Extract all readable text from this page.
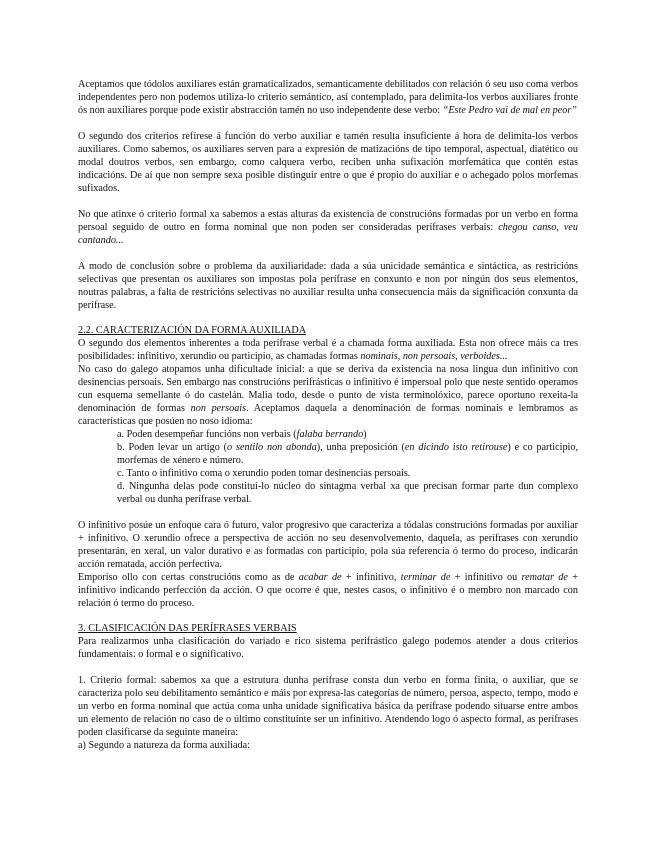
Aceptamos que tódolos auxiliares están gramaticalizados, semanticamente debilitados con relación ó seu uso coma verbos independentes pero non podemos utiliza-lo criterio semántico, así contemplado, para delimita-los verbos auxiliares fronte ós non auxiliares porque pode existir abstracción tamén no uso independente dese verbo: “Este Pedro vai de mal en peor”

O segundo dos criterios refírese á función do verbo auxiliar e tamén resulta insuficiente á hora de delimita-los verbos auxiliares. Como sabemos, os auxiliares serven para a expresión de matizacións de tipo temporal, aspectual, diatético ou modal doutros verbos, sen embargo, como calquera verbo, reciben unha sufixación morfemática que contén estas indicacións. De aí que non sempre sexa posible distinguir entre o que é propio do auxiliar e o achegado polos morfemas sufixados.

No que atinxe ó criterio formal xa sabemos a estas alturas da existencia de construcións formadas por un verbo en forma persoal seguido de outro en forma nominal que non poden ser consideradas perífrases verbais: chegou canso, veu cantando...

A modo de conclusión sobre o problema da auxiliaridade: dada a súa unicidade semántica e sintáctica, as restricións selectivas que presentan os auxiliares son impostas pola perífrase en conxunto e non por ningún dos seus elementos, noutras palabras, a falta de restricións selectivas no auxiliar resulta unha consecuencia máis da significación conxunta da perífrase.

2.2. CARACTERIZACIÓN DA FORMA AUXILIADA

O segundo dos elementos inherentes a toda perífrase verbal é a chamada forma auxiliada. Esta non ofrece máis ca tres posibilidades: infinitivo, xerundio ou participio, as chamadas formas nominais, non persoais, verboides...

No caso do galego atopamos unha dificultade inicial: a que se deriva da existencia na nosa lingua dun infinitivo con desinencias persoais. Sen embargo nas construcións perifrásticas o infinitivo é impersoal polo que neste sentido operamos cun esquema semellante ó do castelán. Malia todo, desde o punto de vista terminolóxico, parece oportuno rexeita-la denominación de formas non persoais. Aceptamos daquela a denominación de formas nominais e lembramos as características que posúen no noso idioma:

a. Poden desempeñar funcións non verbais (falaba berrando)

b. Poden levar un artigo (o sentilo non abonda), unha preposición (en dicindo isto retirouse) e co participio, morfemas de xénero e número.

c. Tanto o infinitivo coma o xerundio poden tomar desinencias persoais.

d. Ningunha delas pode constituí-lo núcleo do sintagma verbal xa que precisan formar parte dun complexo verbal ou dunha perífrase verbal.

O infinitivo posúe un enfoque cara ó futuro, valor progresivo que caracteriza a tódalas construcións formadas por auxiliar + infinitivo. O xerundio ofrece a perspectiva de acción no seu desenvolvemento, daquela, as perífrases con xerundio presentarán, en xeral, un valor durativo e as formadas con participio, pola súa referencia ó termo do proceso, indicarán acción rematada, acción perfectiva.

Emporiso ollo con certas construcións como as de acabar de + infinitivo, terminar de + infinitivo ou rematar de + infinitivo indicando perfección da acción. O que ocorre é que, nestes casos, o infinitivo é o membro non marcado con relación ó termo do proceso.

3. CLASIFICACIÓN DAS PERÍFRASES VERBAIS

Para realizarmos unha clasificación do variado e rico sistema perifrástico galego podemos atender a dous criterios fundamentais: o formal e o significativo.

1. Criterio formal: sabemos xa que a estrutura dunha perífrase consta dun verbo en forma finita, o auxiliar, que se caracteriza polo seu debilitamento semántico e máis por expresa-las categorías de número, persoa, aspecto, tempo, modo e un verbo en forma nominal que actúa coma unha unidade significativa básica da perífrase podendo situarse entre ambos un elemento de relación no caso de o último constituínte ser un infinitivo. Atendendo logo ó aspecto formal, as perífrases poden clasificarse da seguinte maneira:

a) Segundo a natureza da forma auxiliada:
